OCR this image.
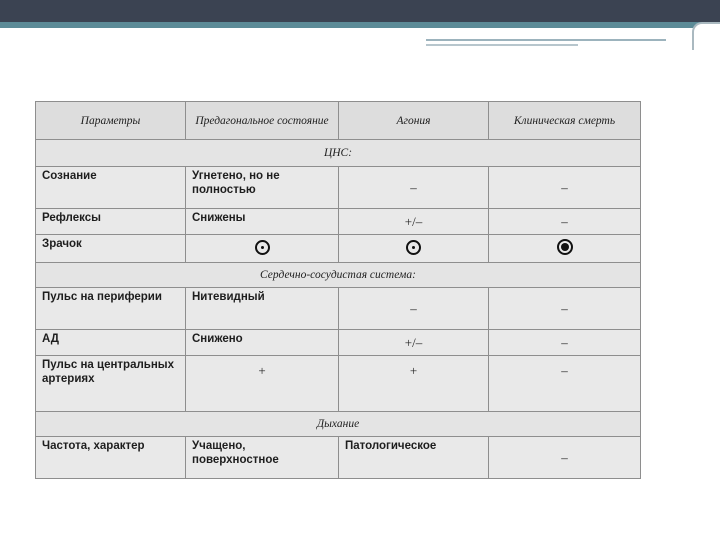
Параметры	Предагональное состояние	Агония	Клиническая смерть
ЦНС:			
Сознание	Угнетено, но не полностью	–	–
Рефлексы	Снижены	+/–	–
Зрачок			
Сердечно-сосудистая система:			
Пульс на периферии	Нитевидный	–	–
АД	Снижено	+/–	–
Пульс на центральных артериях	+	+	–
Дыхание			
Частота, характер	Учащено, поверхностное	Патологическое	–
